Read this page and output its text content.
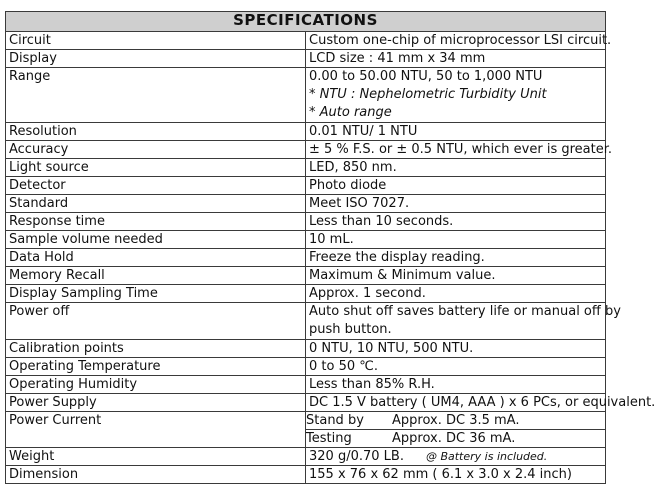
SPECIFICATIONS
Circuit	Custom one-chip of microprocessor LSI circuit.
Display	LCD size : 41 mm x 34 mm
Range	0.00 to 50.00 NTU, 50 to 1,000 NTU
* NTU : Nephelometric Turbidity Unit
* Auto range

Resolution	0.01 NTU/ 1 NTU
Accuracy	± 5 % F.S. or ± 0.5 NTU, which ever is greater.
Light source	LED, 850 nm.
Detector	Photo diode
Standard	Meet ISO 7027.
Response time	Less than 10 seconds.
Sample volume needed	10 mL.
Data Hold	Freeze the display reading.
Memory Recall	Maximum & Minimum value.
Display Sampling Time	Approx. 1 second.
Power off	Auto shut off saves battery life or manual off by
push button.

Calibration points	0 NTU, 10 NTU, 500 NTU.
Operating Temperature	0 to 50 ℃.
Operating Humidity	Less than 85% R.H.
Power Supply	DC 1.5 V battery ( UM4, AAA ) x 6 PCs, or equivalent.
Power Current		Stand by	Approx. DC 3.5 mA.
Testing	Approx. DC 36 mA.

Weight	320 g/0.70 LB. @ Battery is included.
Dimension	155 x 76 x 62 mm ( 6.1 x 3.0 x 2.4 inch)
